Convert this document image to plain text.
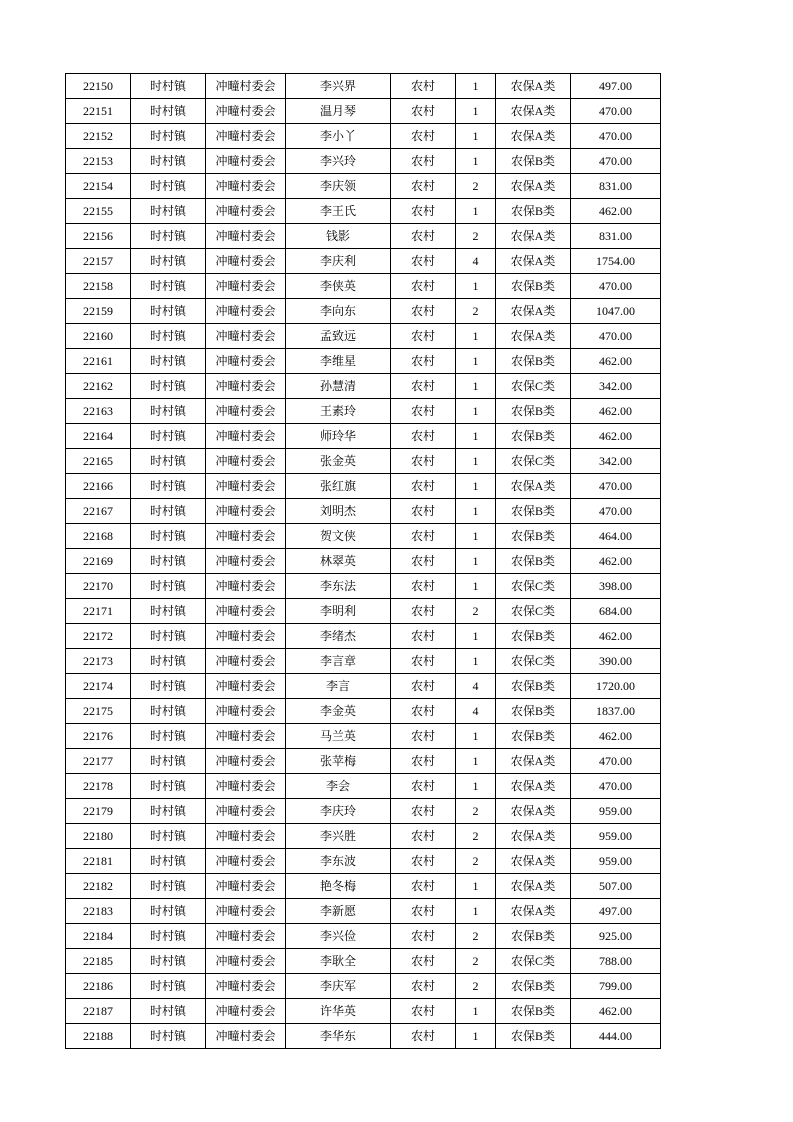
22150	时村镇	冲疃村委会	李兴界	农村	1	农保A类	497.00
22151	时村镇	冲疃村委会	温月琴	农村	1	农保A类	470.00
22152	时村镇	冲疃村委会	李小丫	农村	1	农保A类	470.00
22153	时村镇	冲疃村委会	李兴玲	农村	1	农保B类	470.00
22154	时村镇	冲疃村委会	李庆领	农村	2	农保A类	831.00
22155	时村镇	冲疃村委会	李王氏	农村	1	农保B类	462.00
22156	时村镇	冲疃村委会	钱影	农村	2	农保A类	831.00
22157	时村镇	冲疃村委会	李庆利	农村	4	农保A类	1754.00
22158	时村镇	冲疃村委会	李侠英	农村	1	农保B类	470.00
22159	时村镇	冲疃村委会	李向东	农村	2	农保A类	1047.00
22160	时村镇	冲疃村委会	孟致远	农村	1	农保A类	470.00
22161	时村镇	冲疃村委会	李维星	农村	1	农保B类	462.00
22162	时村镇	冲疃村委会	孙慧清	农村	1	农保C类	342.00
22163	时村镇	冲疃村委会	王素玲	农村	1	农保B类	462.00
22164	时村镇	冲疃村委会	师玲华	农村	1	农保B类	462.00
22165	时村镇	冲疃村委会	张金英	农村	1	农保C类	342.00
22166	时村镇	冲疃村委会	张红旗	农村	1	农保A类	470.00
22167	时村镇	冲疃村委会	刘明杰	农村	1	农保B类	470.00
22168	时村镇	冲疃村委会	贺文侠	农村	1	农保B类	464.00
22169	时村镇	冲疃村委会	林翠英	农村	1	农保B类	462.00
22170	时村镇	冲疃村委会	李东法	农村	1	农保C类	398.00
22171	时村镇	冲疃村委会	李明利	农村	2	农保C类	684.00
22172	时村镇	冲疃村委会	李绪杰	农村	1	农保B类	462.00
22173	时村镇	冲疃村委会	李言章	农村	1	农保C类	390.00
22174	时村镇	冲疃村委会	李言	农村	4	农保B类	1720.00
22175	时村镇	冲疃村委会	李金英	农村	4	农保B类	1837.00
22176	时村镇	冲疃村委会	马兰英	农村	1	农保B类	462.00
22177	时村镇	冲疃村委会	张苹梅	农村	1	农保A类	470.00
22178	时村镇	冲疃村委会	李会	农村	1	农保A类	470.00
22179	时村镇	冲疃村委会	李庆玲	农村	2	农保A类	959.00
22180	时村镇	冲疃村委会	李兴胜	农村	2	农保A类	959.00
22181	时村镇	冲疃村委会	李东波	农村	2	农保A类	959.00
22182	时村镇	冲疃村委会	艳冬梅	农村	1	农保A类	507.00
22183	时村镇	冲疃村委会	李新愿	农村	1	农保A类	497.00
22184	时村镇	冲疃村委会	李兴俭	农村	2	农保B类	925.00
22185	时村镇	冲疃村委会	李耿全	农村	2	农保C类	788.00
22186	时村镇	冲疃村委会	李庆军	农村	2	农保B类	799.00
22187	时村镇	冲疃村委会	许华英	农村	1	农保B类	462.00
22188	时村镇	冲疃村委会	李华东	农村	1	农保B类	444.00
